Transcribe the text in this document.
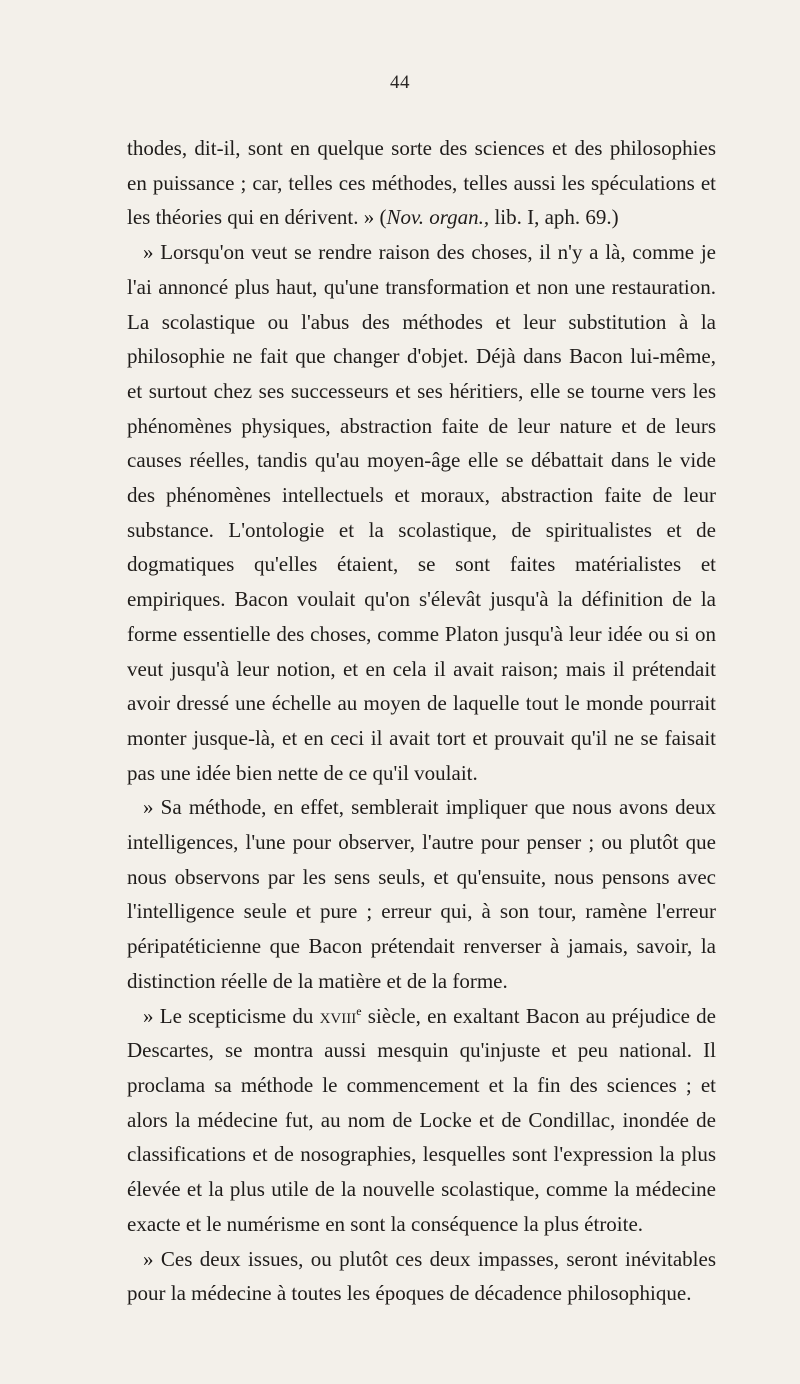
44

thodes, dit-il, sont en quelque sorte des sciences et des philosophies en puissance ; car, telles ces méthodes, telles aussi les spéculations et les théories qui en dérivent. » (Nov. organ., lib. I, aph. 69.)

» Lorsqu'on veut se rendre raison des choses, il n'y a là, comme je l'ai annoncé plus haut, qu'une transformation et non une restauration. La scolastique ou l'abus des méthodes et leur substitution à la philosophie ne fait que changer d'objet. Déjà dans Bacon lui-même, et surtout chez ses successeurs et ses héritiers, elle se tourne vers les phénomènes physiques, abstraction faite de leur nature et de leurs causes réelles, tandis qu'au moyen-âge elle se débattait dans le vide des phénomènes intellectuels et moraux, abstraction faite de leur substance. L'ontologie et la scolastique, de spiritualistes et de dogmatiques qu'elles étaient, se sont faites matérialistes et empiriques. Bacon voulait qu'on s'élevât jusqu'à la définition de la forme essentielle des choses, comme Platon jusqu'à leur idée ou si on veut jusqu'à leur notion, et en cela il avait raison; mais il prétendait avoir dressé une échelle au moyen de laquelle tout le monde pourrait monter jusque-là, et en ceci il avait tort et prouvait qu'il ne se faisait pas une idée bien nette de ce qu'il voulait.

» Sa méthode, en effet, semblerait impliquer que nous avons deux intelligences, l'une pour observer, l'autre pour penser ; ou plutôt que nous observons par les sens seuls, et qu'ensuite, nous pensons avec l'intelligence seule et pure ; erreur qui, à son tour, ramène l'erreur péripatéticienne que Bacon prétendait renverser à jamais, savoir, la distinction réelle de la matière et de la forme.

» Le scepticisme du xviii$^e$ siècle, en exaltant Bacon au préjudice de Descartes, se montra aussi mesquin qu'injuste et peu national. Il proclama sa méthode le commencement et la fin des sciences ; et alors la médecine fut, au nom de Locke et de Condillac, inondée de classifications et de nosographies, lesquelles sont l'expression la plus élevée et la plus utile de la nouvelle scolastique, comme la médecine exacte et le numérisme en sont la conséquence la plus étroite.

» Ces deux issues, ou plutôt ces deux impasses, seront inévitables pour la médecine à toutes les époques de décadence philosophique.
